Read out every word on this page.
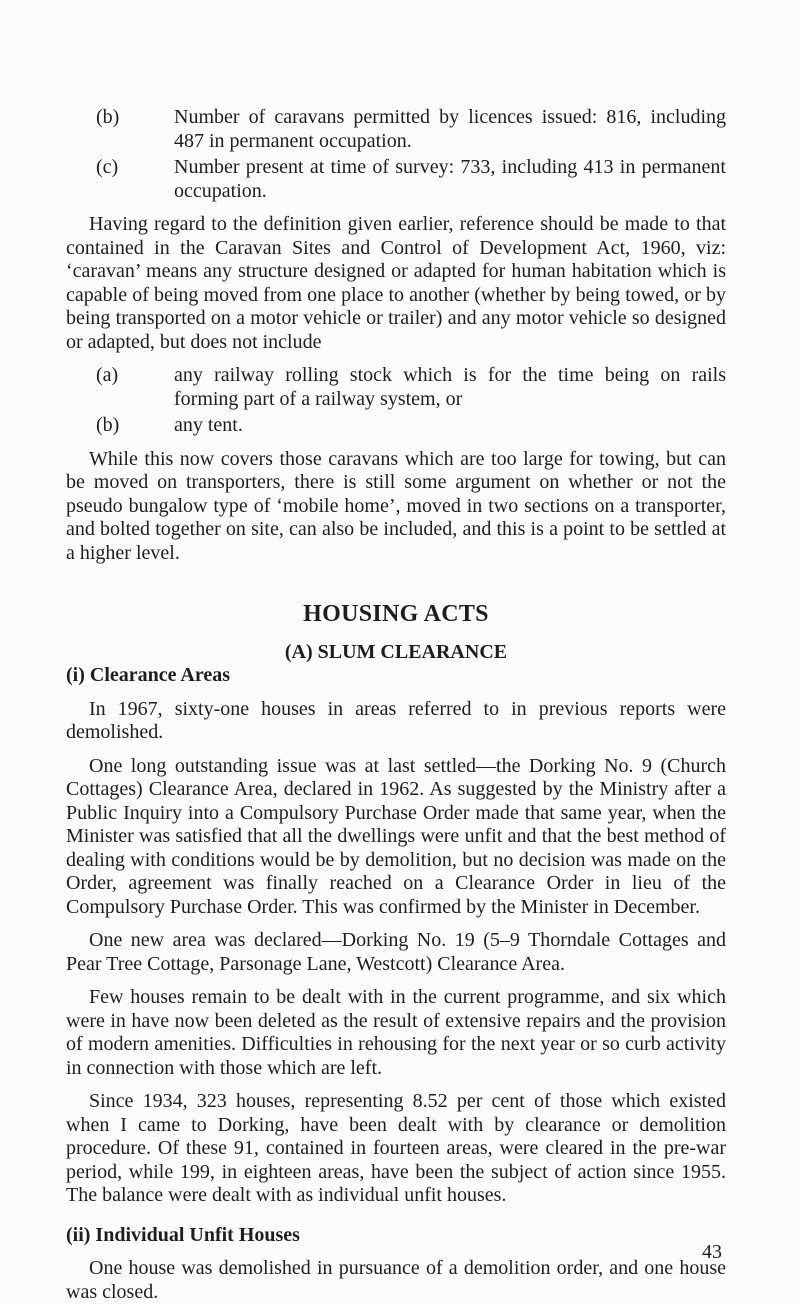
(b)	Number of caravans permitted by licences issued: 816, including 487 in permanent occupation.
(c)	Number present at time of survey: 733, including 413 in permanent occupation.

Having regard to the definition given earlier, reference should be made to that contained in the Caravan Sites and Control of Development Act, 1960, viz: ‘caravan’ means any structure designed or adapted for human habitation which is capable of being moved from one place to another (whether by being towed, or by being transported on a motor vehicle or trailer) and any motor vehicle so designed or adapted, but does not include

(a)	any railway rolling stock which is for the time being on rails forming part of a railway system, or
(b)	any tent.

While this now covers those caravans which are too large for towing, but can be moved on transporters, there is still some argument on whether or not the pseudo bungalow type of ‘mobile home’, moved in two sections on a transporter, and bolted together on site, can also be included, and this is a point to be settled at a higher level.

HOUSING ACTS
(A) SLUM CLEARANCE
(i) Clearance Areas

In 1967, sixty-one houses in areas referred to in previous reports were demolished.

One long outstanding issue was at last settled—the Dorking No. 9 (Church Cottages) Clearance Area, declared in 1962. As suggested by the Ministry after a Public Inquiry into a Compulsory Purchase Order made that same year, when the Minister was satisfied that all the dwellings were unfit and that the best method of dealing with conditions would be by demolition, but no decision was made on the Order, agreement was finally reached on a Clearance Order in lieu of the Compulsory Purchase Order. This was confirmed by the Minister in December.

One new area was declared—Dorking No. 19 (5–9 Thorndale Cottages and Pear Tree Cottage, Parsonage Lane, Westcott) Clearance Area.

Few houses remain to be dealt with in the current programme, and six which were in have now been deleted as the result of extensive repairs and the provision of modern amenities. Difficulties in rehousing for the next year or so curb activity in connection with those which are left.

Since 1934, 323 houses, representing 8.52 per cent of those which existed when I came to Dorking, have been dealt with by clearance or demolition procedure. Of these 91, contained in fourteen areas, were cleared in the pre-war period, while 199, in eighteen areas, have been the subject of action since 1955. The balance were dealt with as individual unfit houses.

(ii) Individual Unfit Houses

One house was demolished in pursuance of a demolition order, and one house was closed.

43
